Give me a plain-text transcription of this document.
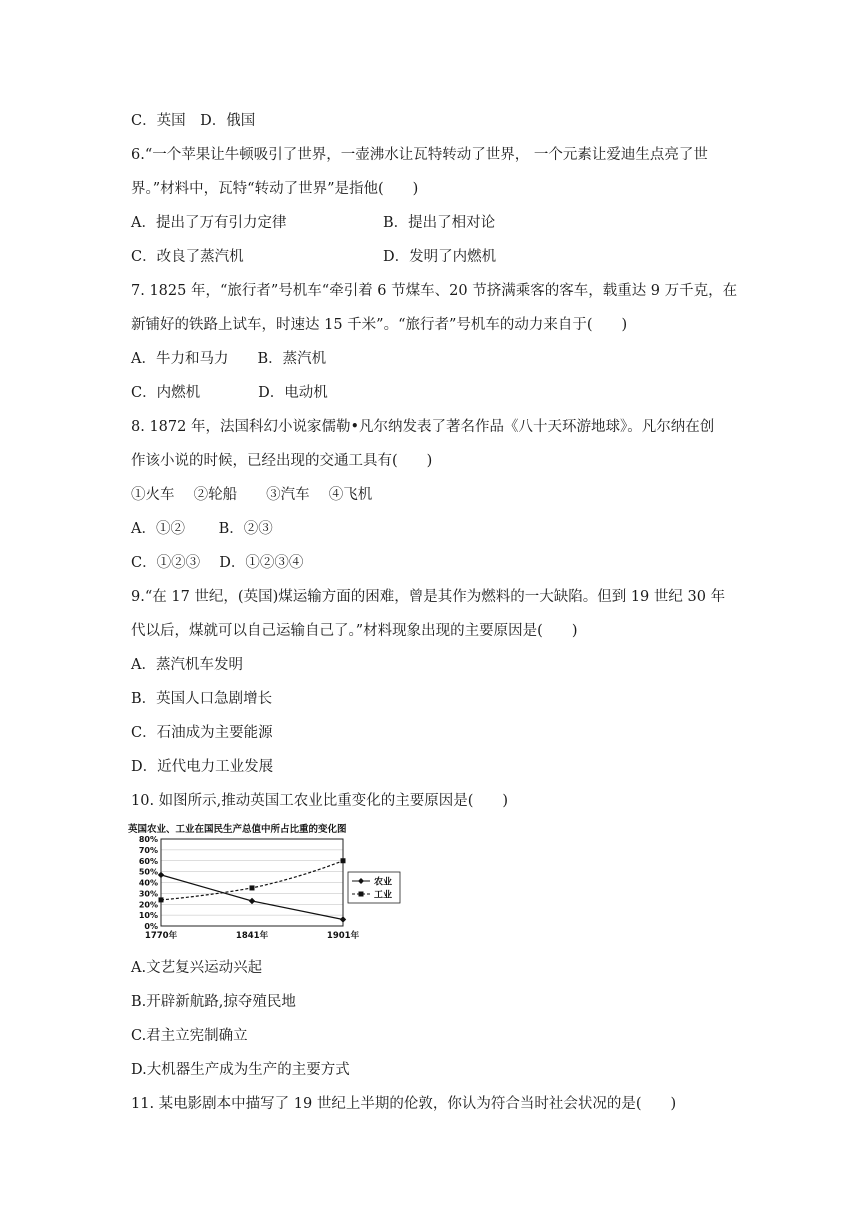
C．英国　D．俄国
6.“一个苹果让牛顿吸引了世界，一壶沸水让瓦特转动了世界， 一个元素让爱迪生点亮了世
界。”材料中，瓦特“转动了世界”是指他(　　)
A．提出了万有引力定律	B．提出了相对论
C．改良了蒸汽机	D．发明了内燃机
7. 1825 年，“旅行者”号机车“牵引着 6 节煤车、20 节挤满乘客的客车，载重达 9 万千克，在
新铺好的铁路上试车，时速达 15 千米”。“旅行者”号机车的动力来自于(　　)
A．牛力和马力　　B．蒸汽机
C．内燃机　　　　D．电动机
8. 1872 年，法国科幻小说家儒勒•凡尔纳发表了著名作品《八十天环游地球》。凡尔纳在创
作该小说的时候，已经出现的交通工具有(　　)
①火车　 ②轮船　　③汽车　 ④飞机
A．①②　　 B．②③
C．①②③　 D．①②③④
9.“在 17 世纪，(英国)煤运输方面的困难，曾是其作为燃料的一大缺陷。但到 19 世纪 30 年
代以后，煤就可以自己运输自己了。”材料现象出现的主要原因是(　　)
A．蒸汽机车发明
B．英国人口急剧增长
C．石油成为主要能源
D．近代电力工业发展
10. 如图所示,推动英国工农业比重变化的主要原因是(　　)
A.文艺复兴运动兴起
B.开辟新航路,掠夺殖民地
C.君主立宪制确立
D.大机器生产成为生产的主要方式
11. 某电影剧本中描写了 19 世纪上半期的伦敦，你认为符合当时社会状况的是(　　)
英国农业、工业在国民生产总值中所占比重的变化图
0%
10%
20%
30%
40%
50%
60%
70%
80%
1770年	1841年	1901年
农业
工业
